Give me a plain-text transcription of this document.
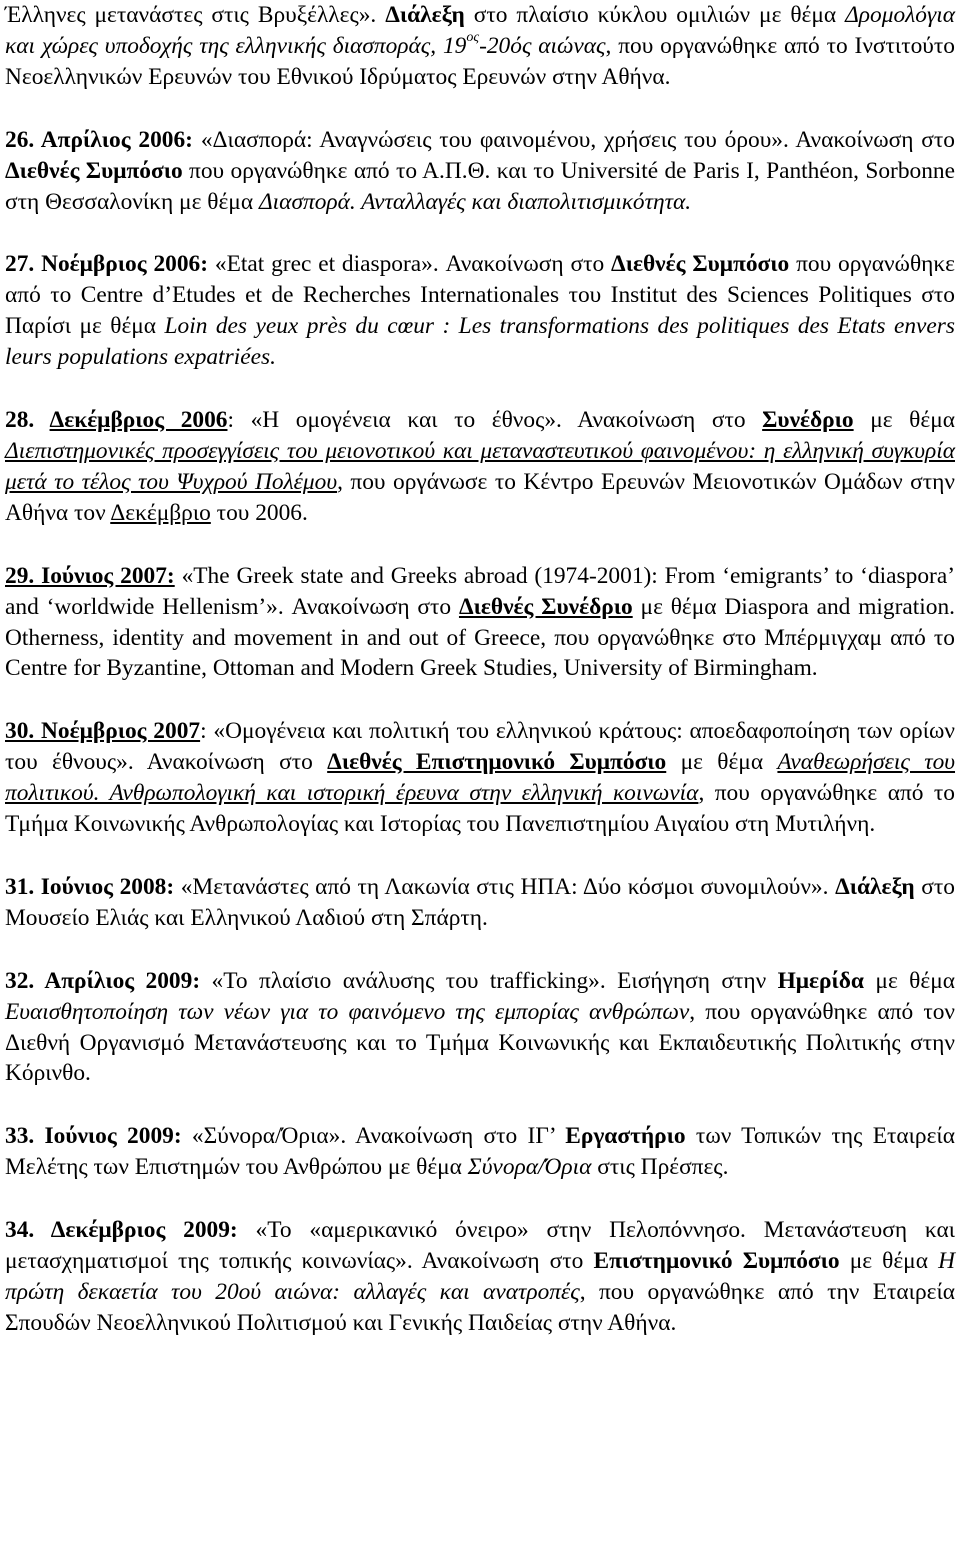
Έλληνες μετανάστες στις Βρυξέλλες». Διάλεξη στο πλαίσιο κύκλου ομιλιών με θέμα Δρομολόγια και χώρες υποδοχής της ελληνικής διασποράς, $19^{o\varsigma}-20ό\varsigma$ αιώνας, που οργανώθηκε από το Ινστιτούτο Νεοελληνικών Ερευνών του Εθνικού Ιδρύματος Ερευνών στην Αθήνα.

26. Απρίλιος 2006: «Διασπορά: Αναγνώσεις του φαινομένου, χρήσεις του όρου». Ανακοίνωση στο Διεθνές Συμπόσιο που οργανώθηκε από το Α.Π.Θ. και το Université de Paris I, Panthéon, Sorbonne στη Θεσσαλονίκη με θέμα Διασπορά. Ανταλλαγές και διαπολιτισμικότητα.

27. Νοέμβριος 2006: «Etat grec et diaspora». Ανακοίνωση στο Διεθνές Συμπόσιο που οργανώθηκε από το Centre d’Etudes et de Recherches Internationales του Institut des Sciences Politiques στο Παρίσι με θέμα Loin des yeux près du cœur : Les transformations des politiques des Etats envers leurs populations expatriées.

28. Δεκέμβριος 2006: «Η ομογένεια και το έθνος». Ανακοίνωση στο Συνέδριο με θέμα Διεπιστημονικές προσεγγίσεις του μειονοτικού και μεταναστευτικού φαινομένου: η ελληνική συγκυρία μετά το τέλος του Ψυχρού Πολέμου, που οργάνωσε το Κέντρο Ερευνών Μειονοτικών Ομάδων στην Αθήνα τον Δεκέμβριο του 2006.

29. Ιούνιος 2007: «The Greek state and Greeks abroad (1974-2001): From ‘emigrants’ to ‘diaspora’ and ‘worldwide Hellenism’». Ανακοίνωση στο Διεθνές Συνέδριο με θέμα Diaspora and migration. Otherness, identity and movement in and out of Greece, που οργανώθηκε στο Μπέρμιγχαμ από το Centre for Byzantine, Ottoman and Modern Greek Studies, University of Birmingham.

30. Νοέμβριος 2007: «Ομογένεια και πολιτική του ελληνικού κράτους: αποεδαφοποίηση των ορίων του έθνους». Ανακοίνωση στο Διεθνές Επιστημονικό Συμπόσιο με θέμα Αναθεωρήσεις του πολιτικού. Ανθρωπολογική και ιστορική έρευνα στην ελληνική κοινωνία, που οργανώθηκε από το Τμήμα Κοινωνικής Ανθρωπολογίας και Ιστορίας του Πανεπιστημίου Αιγαίου στη Μυτιλήνη.

31. Ιούνιος 2008: «Μετανάστες από τη Λακωνία στις ΗΠΑ: Δύο κόσμοι συνομιλούν». Διάλεξη στο Μουσείο Ελιάς και Ελληνικού Λαδιού στη Σπάρτη.

32. Απρίλιος 2009: «Το πλαίσιο ανάλυσης του trafficking». Εισήγηση στην Ημερίδα με θέμα Ευαισθητοποίηση των νέων για το φαινόμενο της εμπορίας ανθρώπων, που οργανώθηκε από τον Διεθνή Οργανισμό Μετανάστευσης και το Τμήμα Κοινωνικής και Εκπαιδευτικής Πολιτικής στην Κόρινθο.

33. Ιούνιος 2009: «Σύνορα/Όρια». Ανακοίνωση στο ΙΓ’ Εργαστήριο των Τοπικών της Εταιρεία Μελέτης των Επιστημών του Ανθρώπου με θέμα Σύνορα/Όρια στις Πρέσπες.

34. Δεκέμβριος 2009: «Το «αμερικανικό όνειρο» στην Πελοπόννησο. Μετανάστευση και μετασχηματισμοί της τοπικής κοινωνίας». Ανακοίνωση στο Επιστημονικό Συμπόσιο με θέμα Η πρώτη δεκαετία του 20ού αιώνα: αλλαγές και ανατροπές, που οργανώθηκε από την Εταιρεία Σπουδών Νεοελληνικού Πολιτισμού και Γενικής Παιδείας στην Αθήνα.
